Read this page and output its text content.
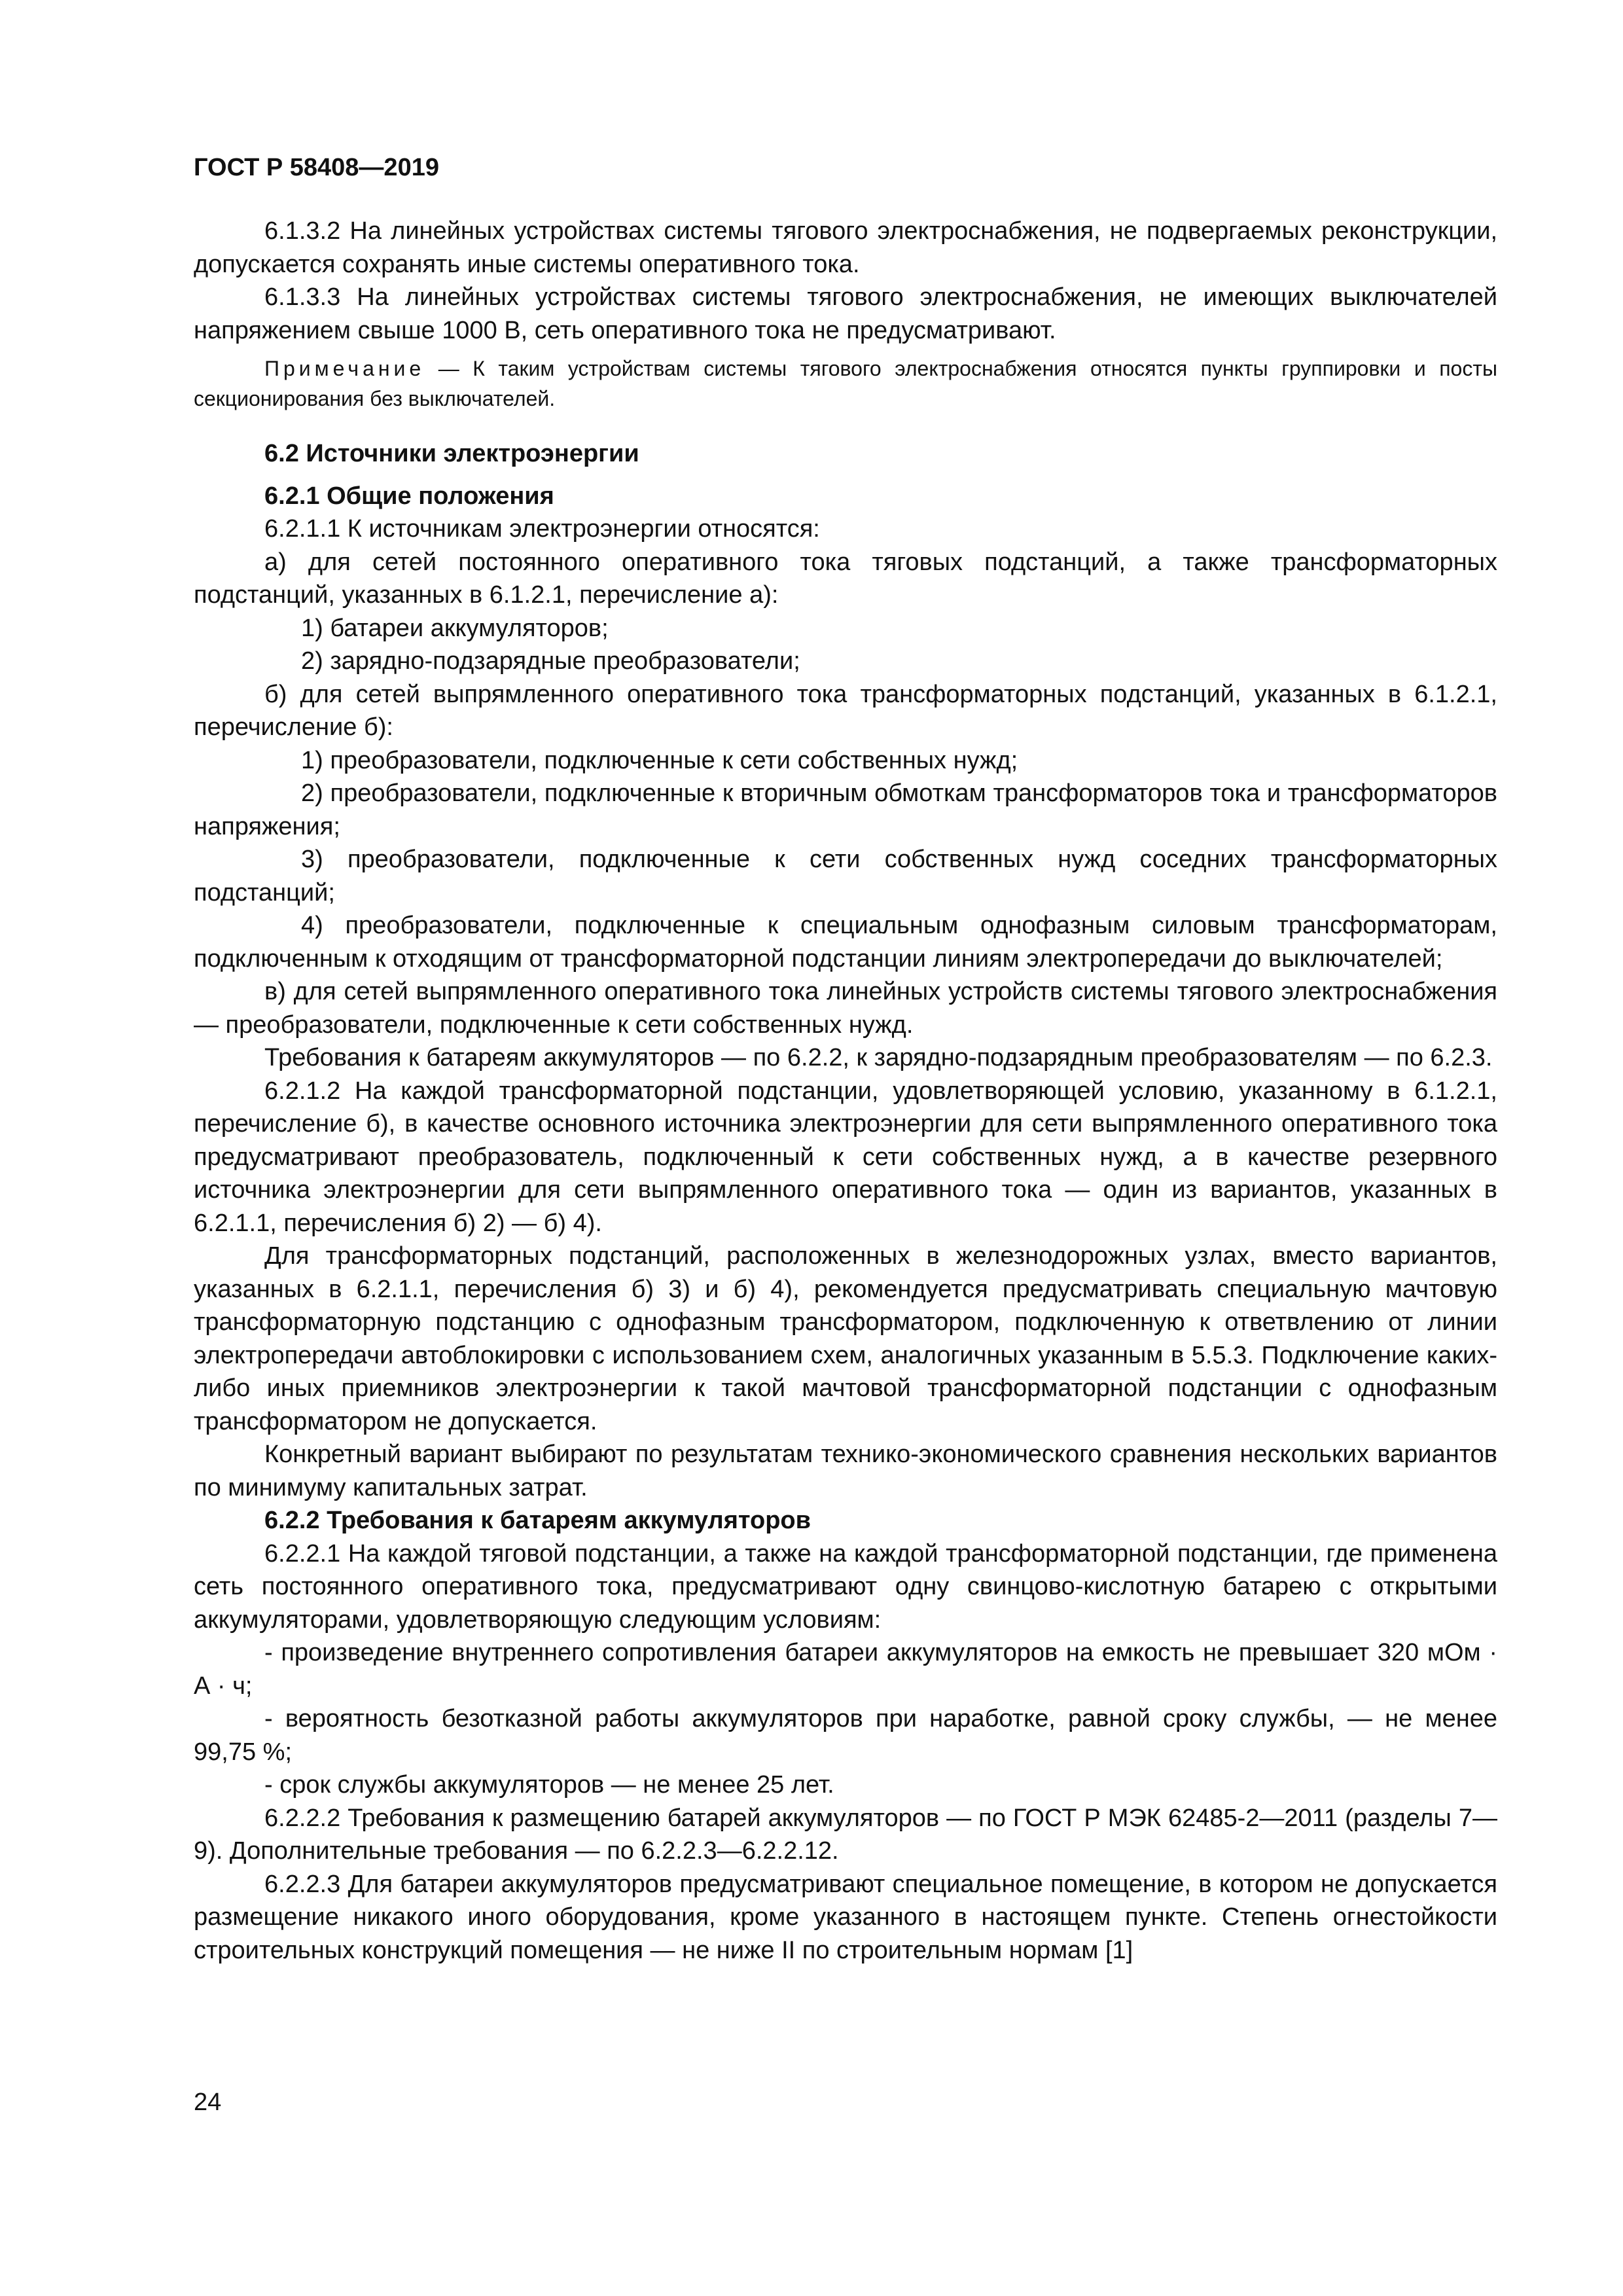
ГОСТ Р 58408—2019

6.1.3.2 На линейных устройствах системы тягового электроснабжения, не подвергаемых реконструкции, допускается сохранять иные системы оперативного тока.

6.1.3.3 На линейных устройствах системы тягового электроснабжения, не имеющих выключателей напряжением свыше 1000 В, сеть оперативного тока не предусматривают.

Примечание — К таким устройствам системы тягового электроснабжения относятся пункты группировки и посты секционирования без выключателей.
6.2 Источники электроэнергии
6.2.1 Общие положения

6.2.1.1 К источникам электроэнергии относятся:

а) для сетей постоянного оперативного тока тяговых подстанций, а также трансформаторных подстанций, указанных в 6.1.2.1, перечисление а):

1) батареи аккумуляторов;

2) зарядно-подзарядные преобразователи;

б) для сетей выпрямленного оперативного тока трансформаторных подстанций, указанных в 6.1.2.1, перечисление б):

1) преобразователи, подключенные к сети собственных нужд;

2) преобразователи, подключенные к вторичным обмоткам трансформаторов тока и трансформаторов напряжения;

3) преобразователи, подключенные к сети собственных нужд соседних трансформаторных подстанций;

4) преобразователи, подключенные к специальным однофазным силовым трансформаторам, подключенным к отходящим от трансформаторной подстанции линиям электропередачи до выключателей;

в) для сетей выпрямленного оперативного тока линейных устройств системы тягового электроснабжения — преобразователи, подключенные к сети собственных нужд.

Требования к батареям аккумуляторов — по 6.2.2, к зарядно-подзарядным преобразователям — по 6.2.3.

6.2.1.2 На каждой трансформаторной подстанции, удовлетворяющей условию, указанному в 6.1.2.1, перечисление б), в качестве основного источника электроэнергии для сети выпрямленного оперативного тока предусматривают преобразователь, подключенный к сети собственных нужд, а в качестве резервного источника электроэнергии для сети выпрямленного оперативного тока — один из вариантов, указанных в 6.2.1.1, перечисления б) 2) — б) 4).

Для трансформаторных подстанций, расположенных в железнодорожных узлах, вместо вариантов, указанных в 6.2.1.1, перечисления б) 3) и б) 4), рекомендуется предусматривать специальную мачтовую трансформаторную подстанцию с однофазным трансформатором, подключенную к ответвлению от линии электропередачи автоблокировки с использованием схем, аналогичных указанным в 5.5.3. Подключение каких-либо иных приемников электроэнергии к такой мачтовой трансформаторной подстанции с однофазным трансформатором не допускается.

Конкретный вариант выбирают по результатам технико-экономического сравнения нескольких вариантов по минимуму капитальных затрат.

6.2.2 Требования к батареям аккумуляторов

6.2.2.1 На каждой тяговой подстанции, а также на каждой трансформаторной подстанции, где применена сеть постоянного оперативного тока, предусматривают одну свинцово-кислотную батарею с открытыми аккумуляторами, удовлетворяющую следующим условиям:

- произведение внутреннего сопротивления батареи аккумуляторов на емкость не превышает 320 мОм · А · ч;

- вероятность безотказной работы аккумуляторов при наработке, равной сроку службы, — не менее 99,75 %;

- срок службы аккумуляторов — не менее 25 лет.

6.2.2.2 Требования к размещению батарей аккумуляторов — по ГОСТ Р МЭК 62485-2—2011 (разделы 7—9). Дополнительные требования — по 6.2.2.3—6.2.2.12.

6.2.2.3 Для батареи аккумуляторов предусматривают специальное помещение, в котором не допускается размещение никакого иного оборудования, кроме указанного в настоящем пункте. Степень огнестойкости строительных конструкций помещения — не ниже II по строительным нормам [1]

24
